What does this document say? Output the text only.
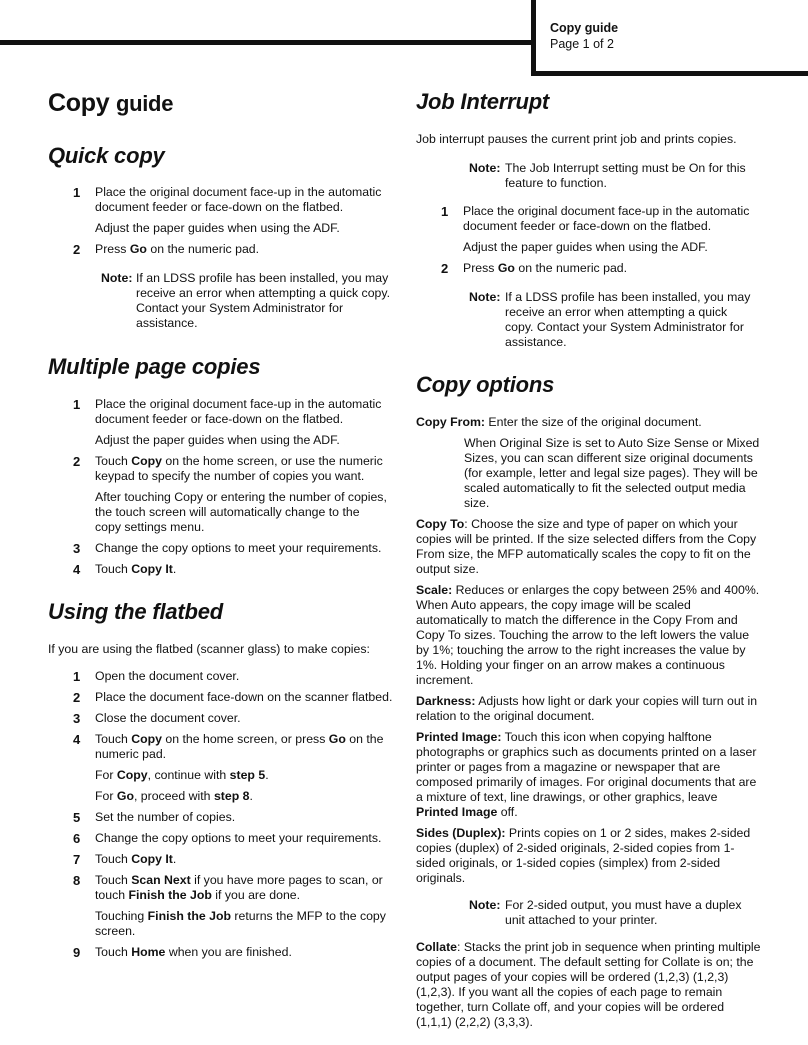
Copy guide
Page 1 of 2
Copy guide
Quick copy
1 Place the original document face-up in the automatic document feeder or face-down on the flatbed.

Adjust the paper guides when using the ADF.

2 Press Go on the numeric pad.

Note: If an LDSS profile has been installed, you may receive an error when attempting a quick copy. Contact your System Administrator for assistance.
Multiple page copies
1 Place the original document face-up in the automatic document feeder or face-down on the flatbed.

Adjust the paper guides when using the ADF.

2 Touch Copy on the home screen, or use the numeric keypad to specify the number of copies you want.

After touching Copy or entering the number of copies, the touch screen will automatically change to the copy settings menu.

3 Change the copy options to meet your requirements.

4 Touch Copy It.

Using the flatbed

If you are using the flatbed (scanner glass) to make copies:

1 Open the document cover.

2 Place the document face-down on the scanner flatbed.

3 Close the document cover.

4 Touch Copy on the home screen, or press Go on the numeric pad.

For Copy, continue with step 5.

For Go, proceed with step 8.

5 Set the number of copies.

6 Change the copy options to meet your requirements.

7 Touch Copy It.

8 Touch Scan Next if you have more pages to scan, or touch Finish the Job if you are done.

Touching Finish the Job returns the MFP to the copy screen.

9 Touch Home when you are finished.

Job Interrupt

Job interrupt pauses the current print job and prints copies.

Note: The Job Interrupt setting must be On for this feature to function.
1 Place the original document face-up in the automatic document feeder or face-down on the flatbed.

Adjust the paper guides when using the ADF.

2 Press Go on the numeric pad.

Note: If a LDSS profile has been installed, you may receive an error when attempting a quick copy. Contact your System Administrator for assistance.
Copy options

Copy From: Enter the size of the original document.

When Original Size is set to Auto Size Sense or Mixed Sizes, you can scan different size original documents (for example, letter and legal size pages). They will be scaled automatically to fit the selected output media size.

Copy To: Choose the size and type of paper on which your copies will be printed. If the size selected differs from the Copy From size, the MFP automatically scales the copy to fit on the output size.

Scale: Reduces or enlarges the copy between 25% and 400%. When Auto appears, the copy image will be scaled automatically to match the difference in the Copy From and Copy To sizes. Touching the arrow to the left lowers the value by 1%; touching the arrow to the right increases the value by 1%. Holding your finger on an arrow makes a continuous increment.

Darkness: Adjusts how light or dark your copies will turn out in relation to the original document.

Printed Image: Touch this icon when copying halftone photographs or graphics such as documents printed on a laser printer or pages from a magazine or newspaper that are composed primarily of images. For original documents that are a mixture of text, line drawings, or other graphics, leave Printed Image off.

Sides (Duplex): Prints copies on 1 or 2 sides, makes 2-sided copies (duplex) of 2-sided originals, 2-sided copies from 1-sided originals, or 1-sided copies (simplex) from 2-sided originals.

Note: For 2-sided output, you must have a duplex unit attached to your printer.

Collate: Stacks the print job in sequence when printing multiple copies of a document. The default setting for Collate is on; the output pages of your copies will be ordered (1,2,3) (1,2,3) (1,2,3). If you want all the copies of each page to remain together, turn Collate off, and your copies will be ordered (1,1,1) (2,2,2) (3,3,3).
